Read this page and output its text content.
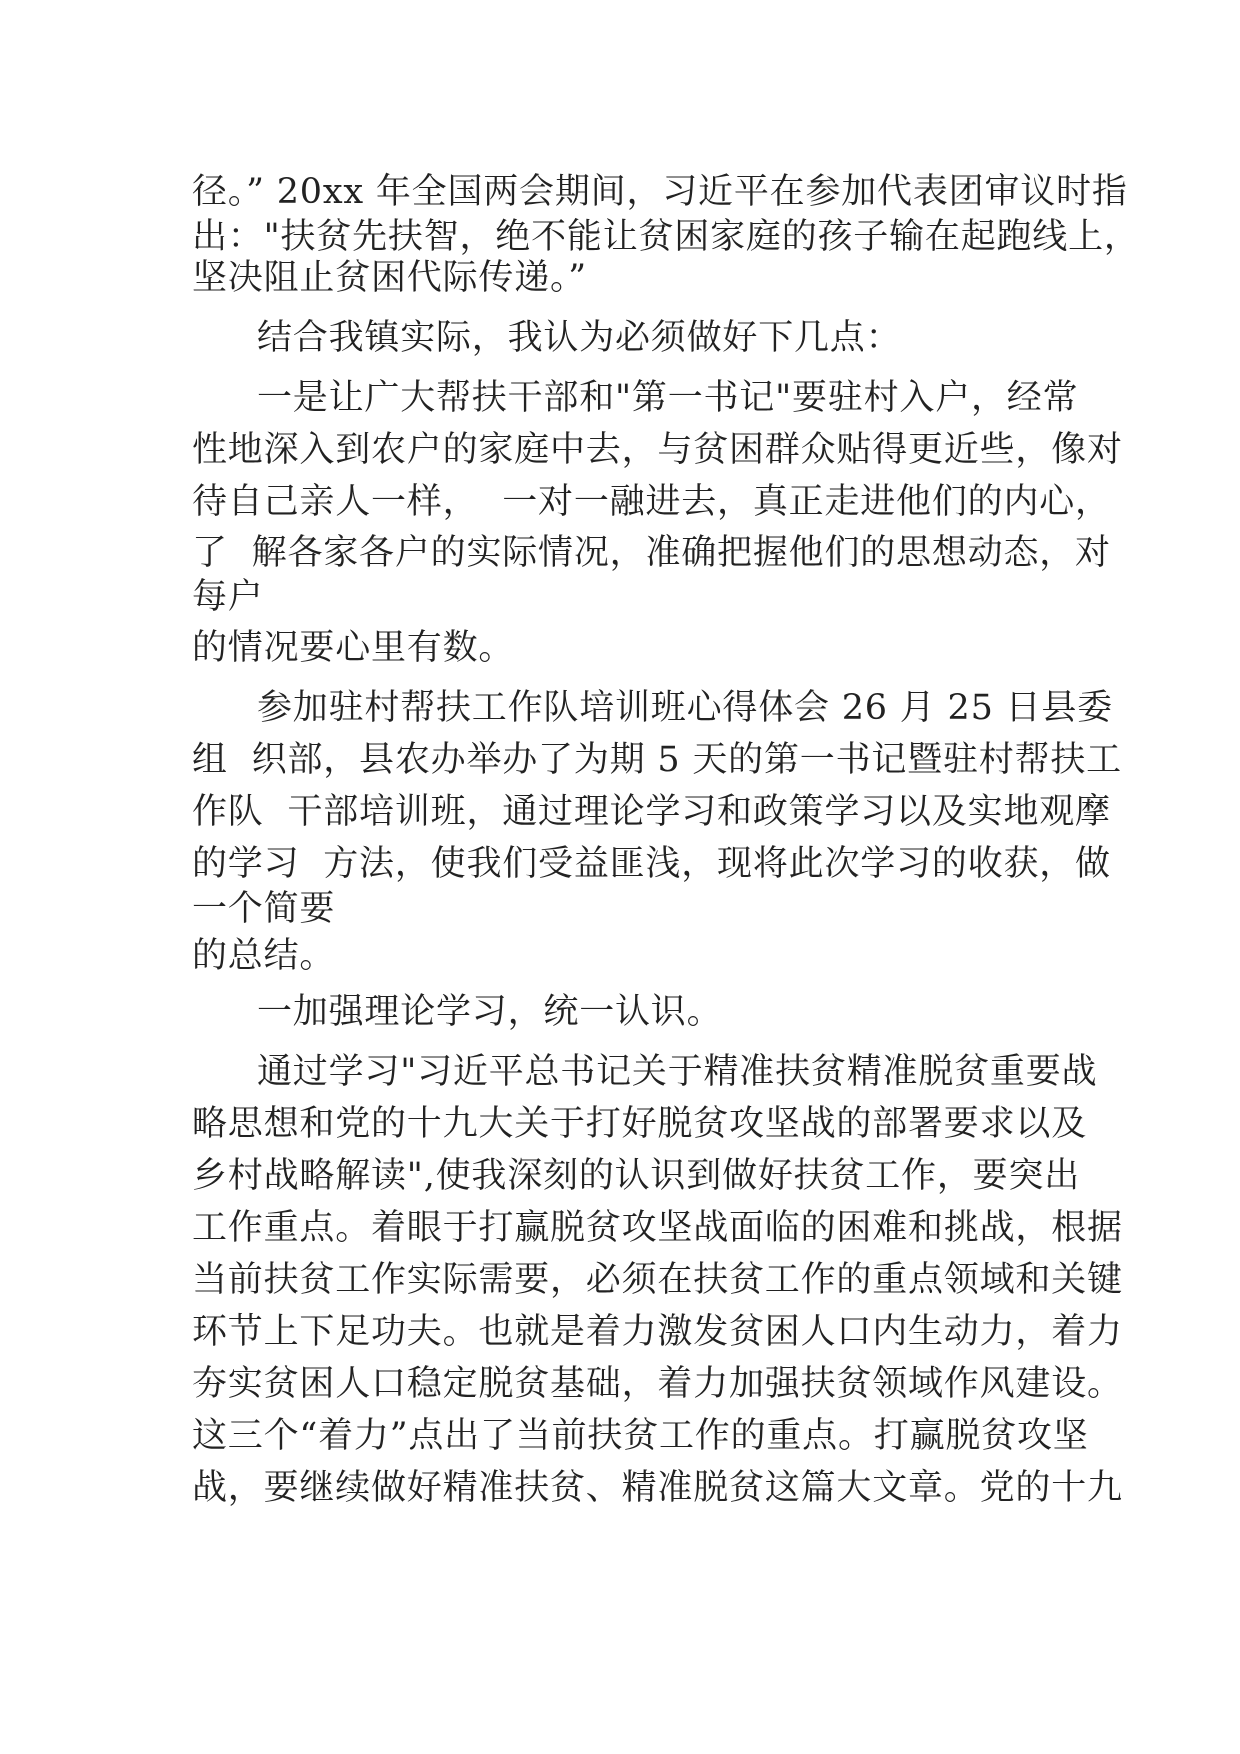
径。” 20xx 年全国两会期间，习近平在参加代表团审议时指
出："扶贫先扶智，绝不能让贫困家庭的孩子输在起跑线上，
坚决阻止贫困代际传递。”
结合我镇实际，我认为必须做好下几点：
一是让广大帮扶干部和"第一书记"要驻村入户，经常
性地深入到农户的家庭中去，与贫困群众贴得更近些，像对
待自己亲人一样，  一对一融进去，真正走进他们的内心，
了  解各家各户的实际情况，准确把握他们的思想动态，对
每户
的情况要心里有数。
参加驻村帮扶工作队培训班心得体会 26 月 25 日县委
组  织部，县农办举办了为期 5 天的第一书记暨驻村帮扶工
作队  干部培训班，通过理论学习和政策学习以及实地观摩
的学习  方法，使我们受益匪浅，现将此次学习的收获，做
一个简要
的总结。
一加强理论学习，统一认识。
通过学习"习近平总书记关于精准扶贫精准脱贫重要战
略思想和党的十九大关于打好脱贫攻坚战的部署要求以及
乡村战略解读",使我深刻的认识到做好扶贫工作，要突出
工作重点。着眼于打赢脱贫攻坚战面临的困难和挑战，根据
当前扶贫工作实际需要，必须在扶贫工作的重点领域和关键
环节上下足功夫。也就是着力激发贫困人口内生动力，着力
夯实贫困人口稳定脱贫基础，着力加强扶贫领域作风建设。
这三个“着力”点出了当前扶贫工作的重点。打赢脱贫攻坚
战，要继续做好精准扶贫、精准脱贫这篇大文章。党的十九
